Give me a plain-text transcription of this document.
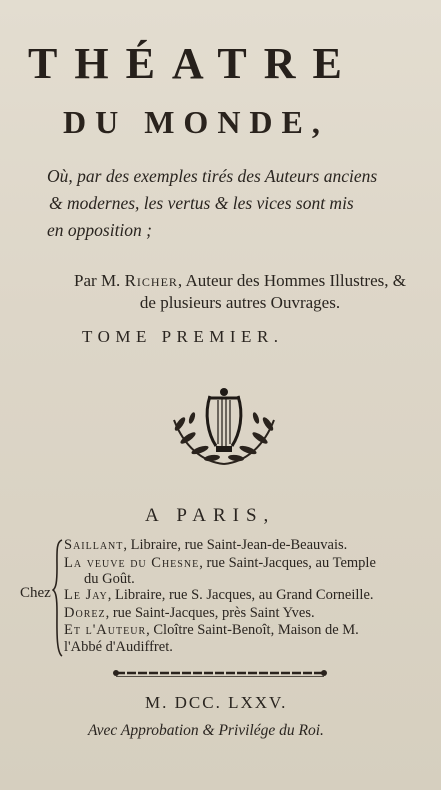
THÉATRE
DU MONDE,
Où, par des exemples tirés des Auteurs anciens
& modernes, les vertus & les vices sont mis
en opposition ;
Par M. Richer, Auteur des Hommes Illustres, &
de plusieurs autres Ouvrages.
TOME PREMIER.
A PARIS,
Chez
Saillant, Libraire, rue Saint-Jean-de-Beauvais.
La veuve du Chesne, rue Saint-Jacques, au Temple
du Goût.
Le Jay, Libraire, rue S. Jacques, au Grand Corneille.
Dorez, rue Saint-Jacques, près Saint Yves.
Et l'Auteur, Cloître Saint-Benoît, Maison de M.
l'Abbé d'Audiffret.
M. DCC. LXXV.
Avec Approbation & Privilége du Roi.
